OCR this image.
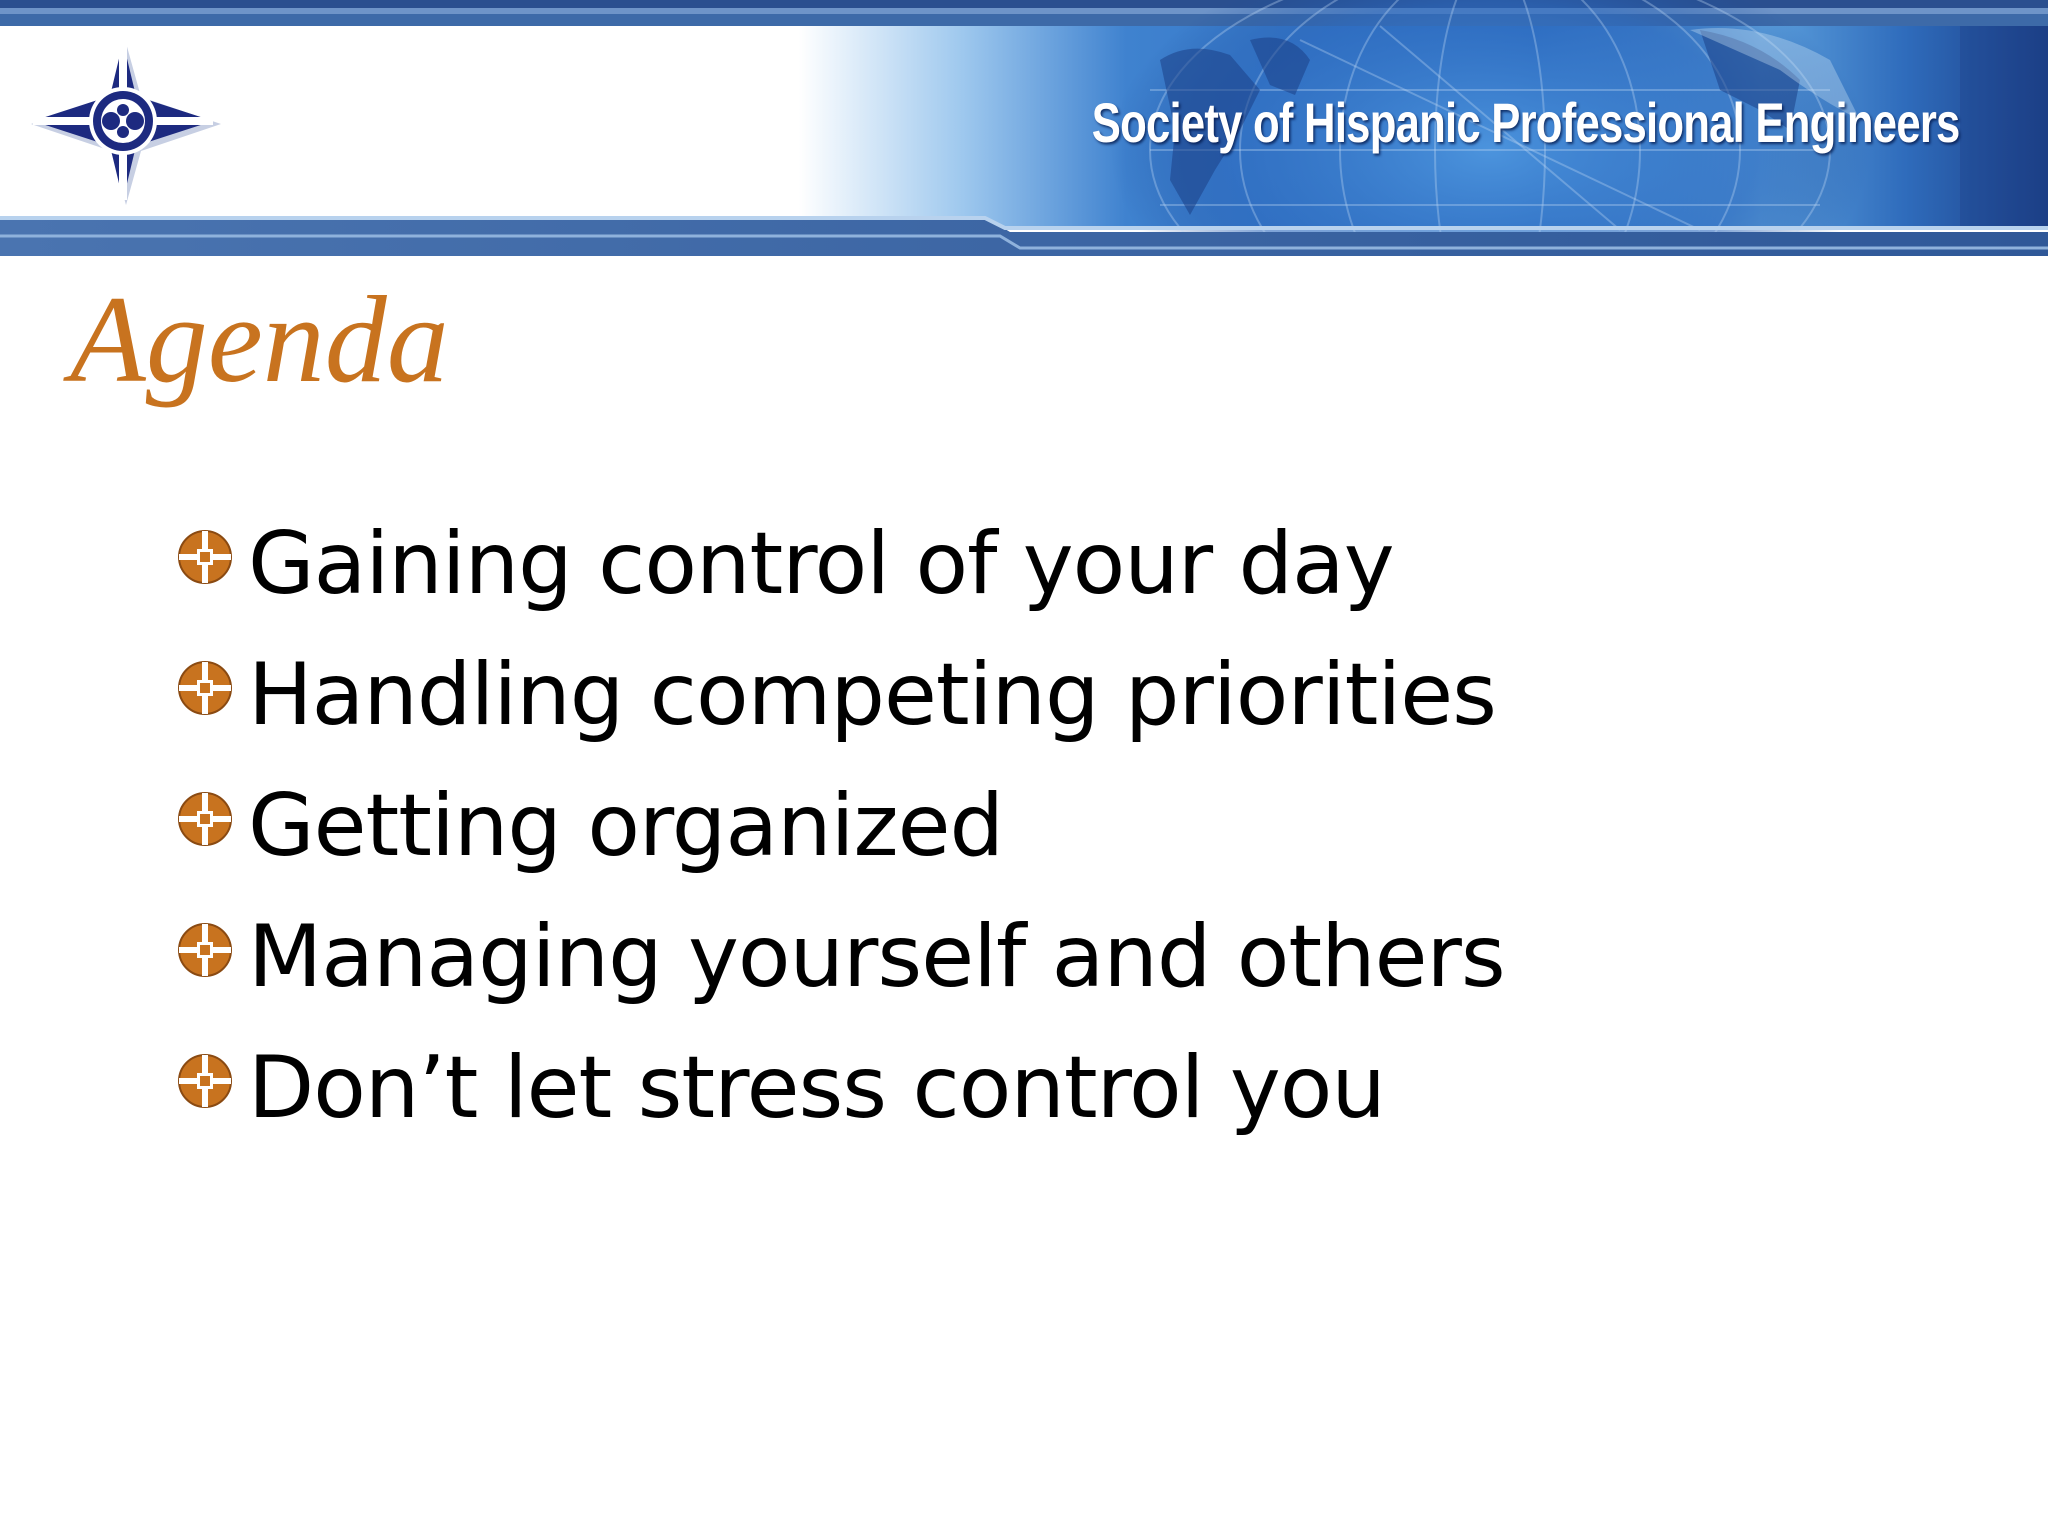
Society of Hispanic Professional Engineers
Agenda
Gaining control of your day
Handling competing priorities
Getting organized
Managing yourself and others
Don’t let stress control you
